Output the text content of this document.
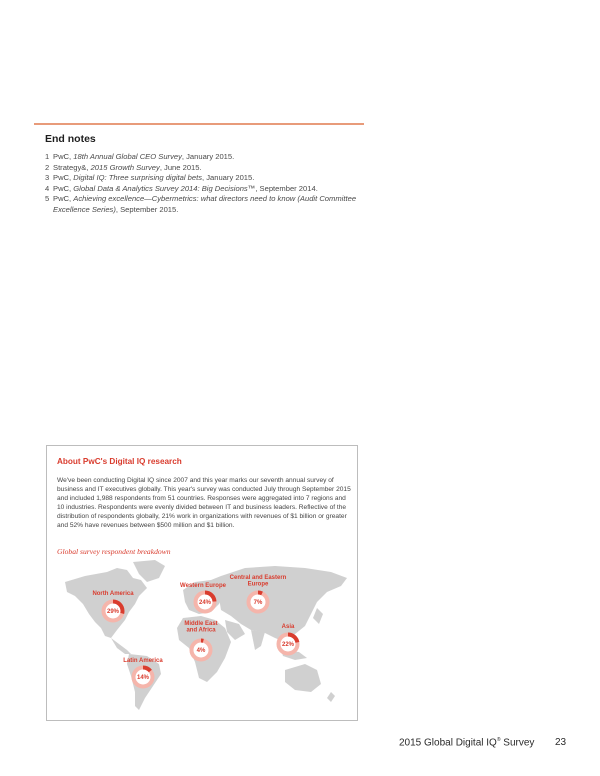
End notes
1 PwC, 18th Annual Global CEO Survey, January 2015.
2 Strategy&, 2015 Growth Survey, June 2015.
3 PwC, Digital IQ: Three surprising digital bets, January 2015.
4 PwC, Global Data & Analytics Survey 2014: Big Decisions™, September 2014.
5 PwC, Achieving excellence—Cybermetrics: what directors need to know (Audit Committee Excellence Series), September 2015.
About PwC's Digital IQ research
We've been conducting Digital IQ since 2007 and this year marks our seventh annual survey of business and IT executives globally. This year's survey was conducted July through September 2015 and included 1,988 respondents from 51 countries. Responses were aggregated into 7 regions and 10 industries. Respondents were evenly divided between IT and business leaders. Reflective of the distribution of respondents globally, 21% work in organizations with revenues of $1 billion or greater and 52% have revenues between $500 million and $1 billion.
Global survey respondent breakdown
29%
North America
24%
Western Europe
7%
Central and Eastern
Europe
4%
Middle East
and Africa
22%
Asia
14%
Latin America
2015 Global Digital IQ® Survey 23
